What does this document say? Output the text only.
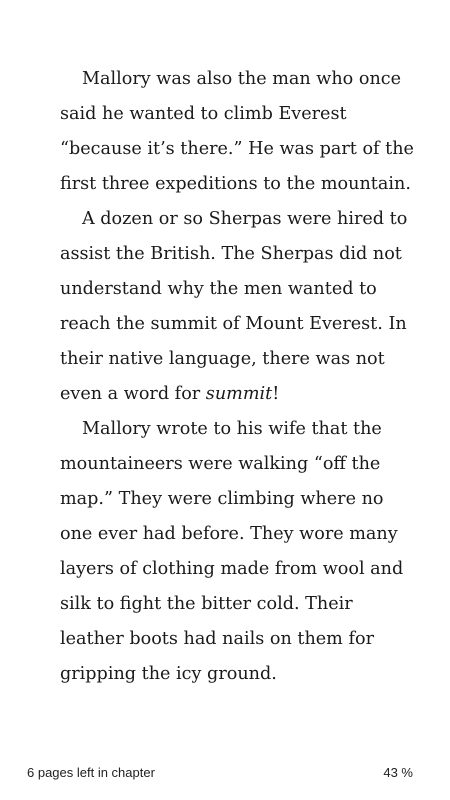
Mallory was also the man who once
said he wanted to climb Everest
“because it’s there.” He was part of the
first three expeditions to the mountain.
A dozen or so Sherpas were hired to
assist the British. The Sherpas did not
understand why the men wanted to
reach the summit of Mount Everest. In
their native language, there was not
even a word for summit!
Mallory wrote to his wife that the
mountaineers were walking “off the
map.” They were climbing where no
one ever had before. They wore many
layers of clothing made from wool and
silk to fight the bitter cold. Their
leather boots had nails on them for
gripping the icy ground.
6 pages left in chapter	43 %
